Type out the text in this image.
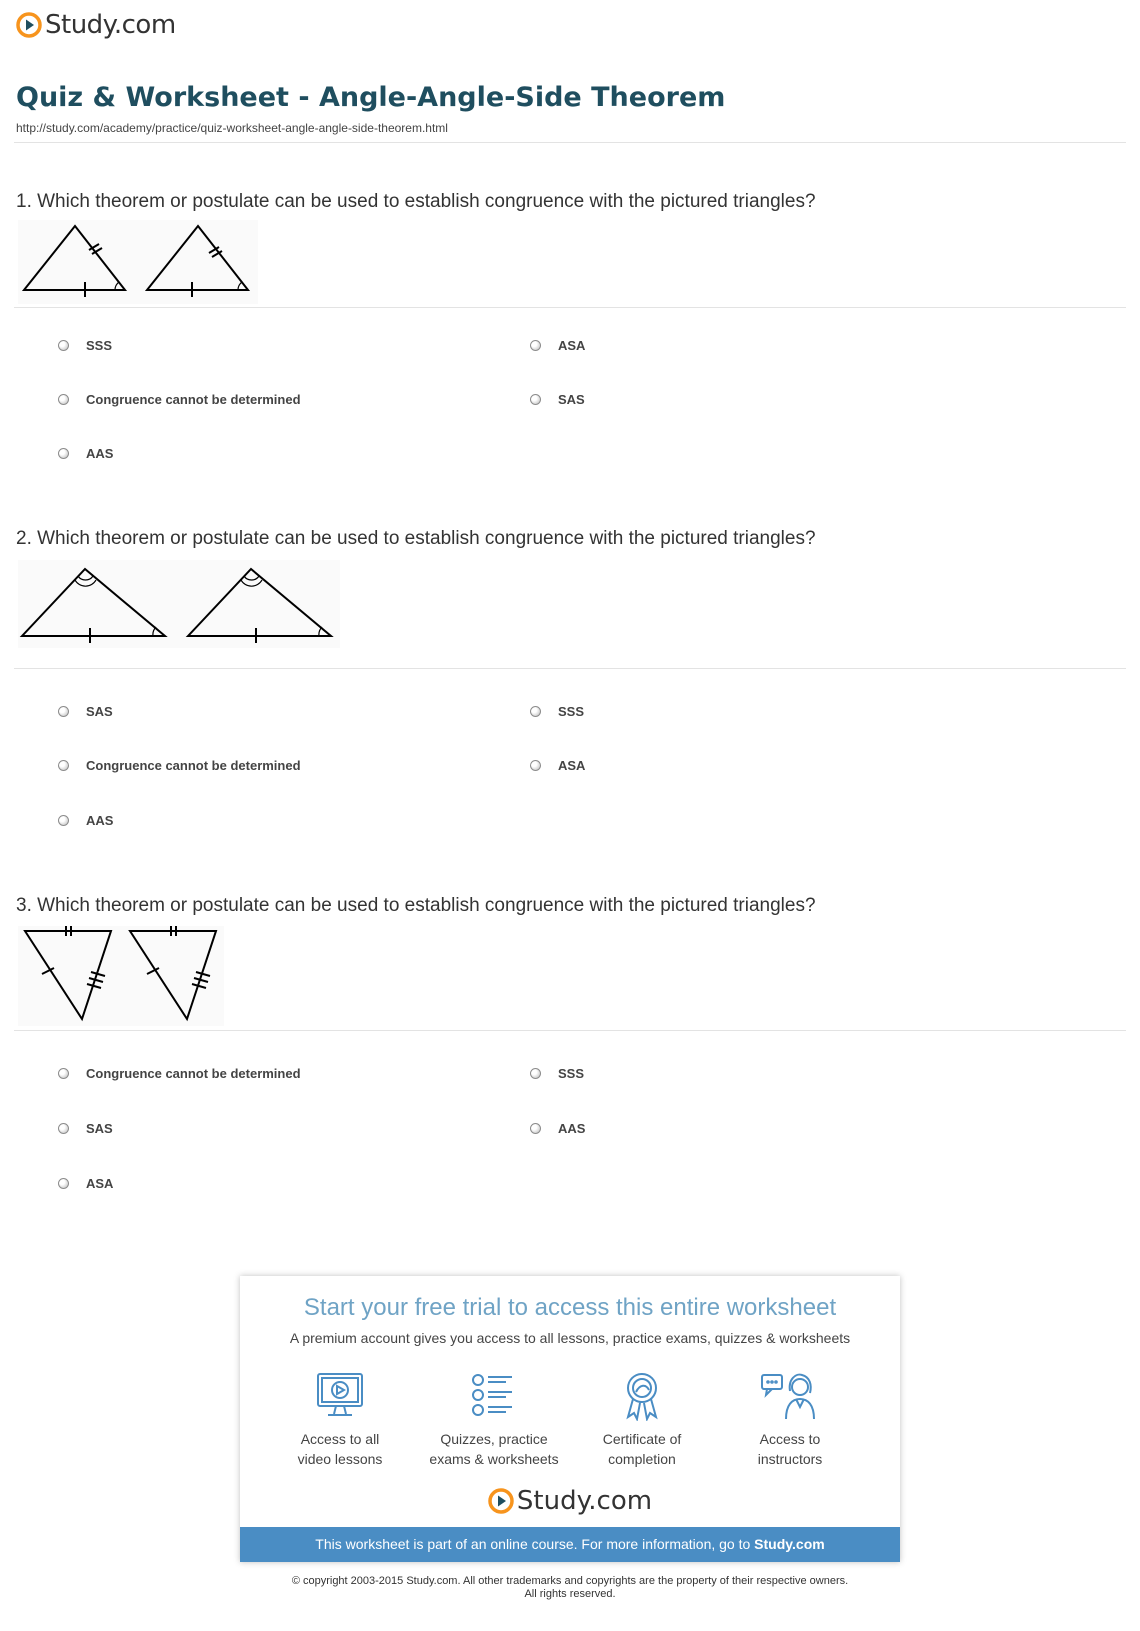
Study.com
Quiz & Worksheet - Angle-Angle-Side Theorem
http://study.com/academy/practice/quiz-worksheet-angle-angle-side-theorem.html
1. Which theorem or postulate can be used to establish congruence with the pictured triangles?
SSS	ASA
Congruence cannot be determined	SAS
AAS
2. Which theorem or postulate can be used to establish congruence with the pictured triangles?
SAS	SSS
Congruence cannot be determined	ASA
AAS
3. Which theorem or postulate can be used to establish congruence with the pictured triangles?
Congruence cannot be determined	SSS
SAS	AAS
ASA
Start your free trial to access this entire worksheet
A premium account gives you access to all lessons, practice exams, quizzes & worksheets
Access to all
video lessons
Quizzes, practice
exams & worksheets
Certificate of
completion
Access to
instructors
Study.com
This worksheet is part of an online course. For more information, go to Study.com
© copyright 2003-2015 Study.com. All other trademarks and copyrights are the property of their respective owners.
All rights reserved.
